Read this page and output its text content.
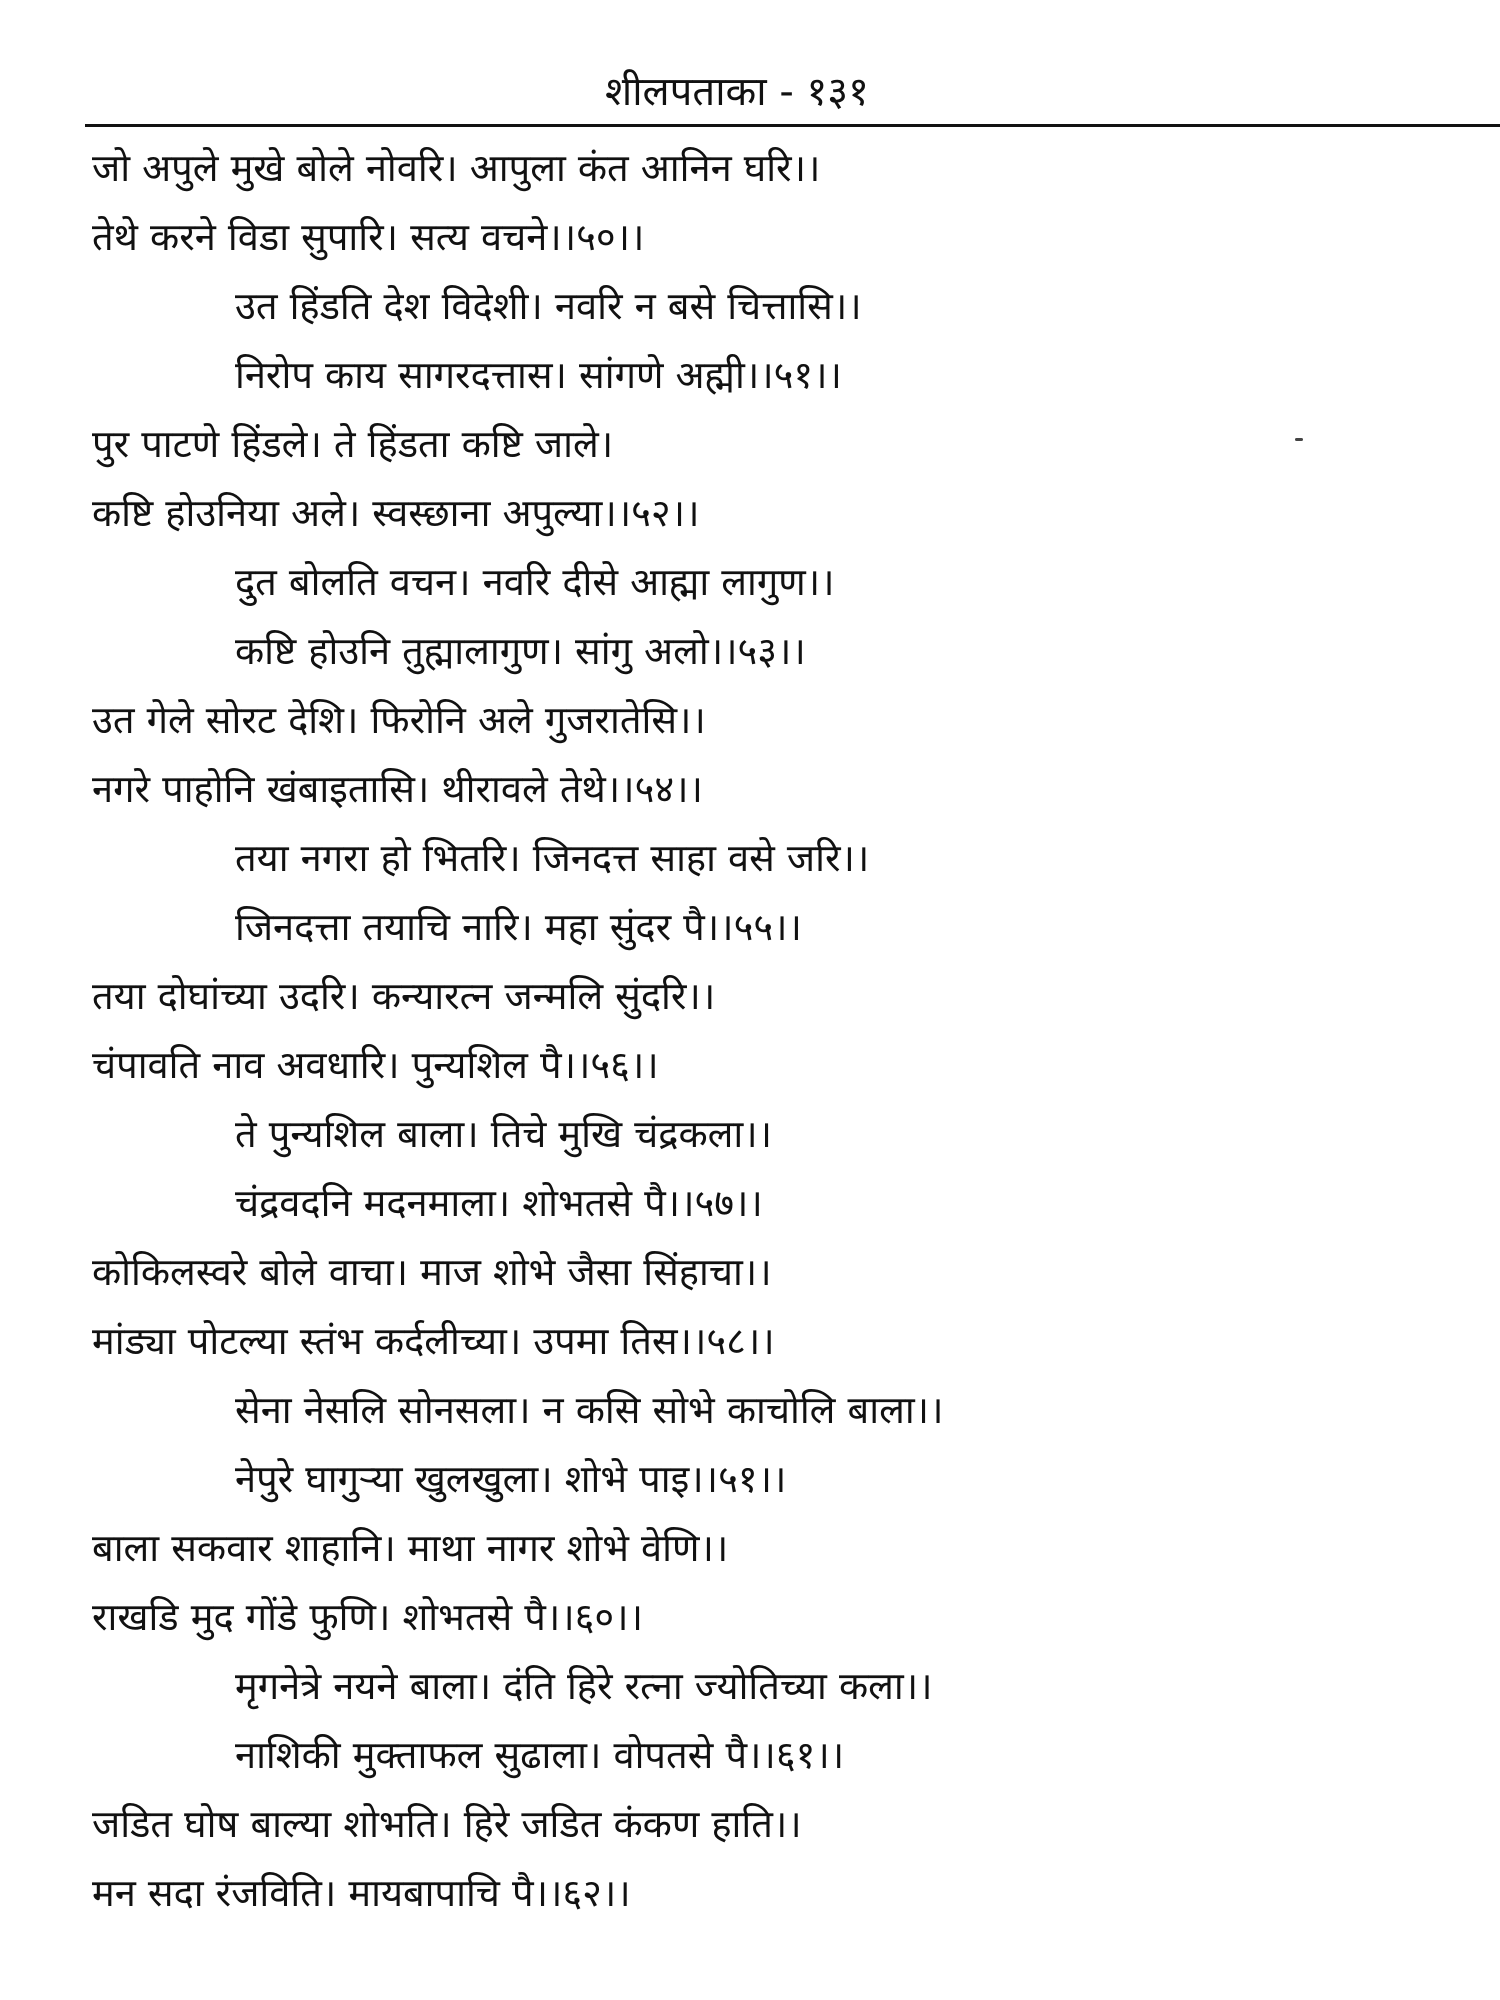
शीलपताका - १३१
जो अपुले मुखे बोले नोवरि। आपुला कंत आनिन घरि।।
तेथे करने विडा सुपारि। सत्य वचने।।५०।।
उत हिंडति देश विदेशी। नवरि न बसे चित्तासि।।
निरोप काय सागरदत्तास। सांगणे अह्मी।।५१।।
पुर पाटणे हिंडले। ते हिंडता कष्टि जाले।
कष्टि होउनिया अले। स्वस्छाना अपुल्या।।५२।।
दुत बोलति वचन। नवरि दीसे आह्मा लागुण।।
कष्टि होउनि तुह्मालागुण। सांगु अलो।।५३।।
उत गेले सोरट देशि। फिरोनि अले गुजरातेसि।।
नगरे पाहोनि खंबाइतासि। थीरावले तेथे।।५४।।
तया नगरा हो भितरि। जिनदत्त साहा वसे जरि।।
जिनदत्ता तयाचि नारि। महा सुंदर पै।।५५।।
तया दोघांच्या उदरि। कन्यारत्न जन्मलि सुंदरि।।
चंपावति नाव अवधारि। पुन्यशिल पै।।५६।।
ते पुन्यशिल बाला। तिचे मुखि चंद्रकला।।
चंद्रवदनि मदनमाला। शोभतसे पै।।५७।।
कोकिलस्वरे बोले वाचा। माज शोभे जैसा सिंहाचा।।
मांड्या पोटल्या स्तंभ कर्दलीच्या। उपमा तिस।।५८।।
सेना नेसलि सोनसला। न कसि सोभे काचोलि बाला।।
नेपुरे घागुऱ्या खुलखुला। शोभे पाइ।।५१।।
बाला सकवार शाहानि। माथा नागर शोभे वेणि।।
राखडि मुद गोंडे फुणि। शोभतसे पै।।६०।।
मृगनेत्रे नयने बाला। दंति हिरे रत्ना ज्योतिच्या कला।।
नाशिकी मुक्ताफल सुढाला। वोपतसे पै।।६१।।
जडित घोष बाल्या शोभति। हिरे जडित कंकण हाति।।
मन सदा रंजविति। मायबापाचि पै।।६२।।
